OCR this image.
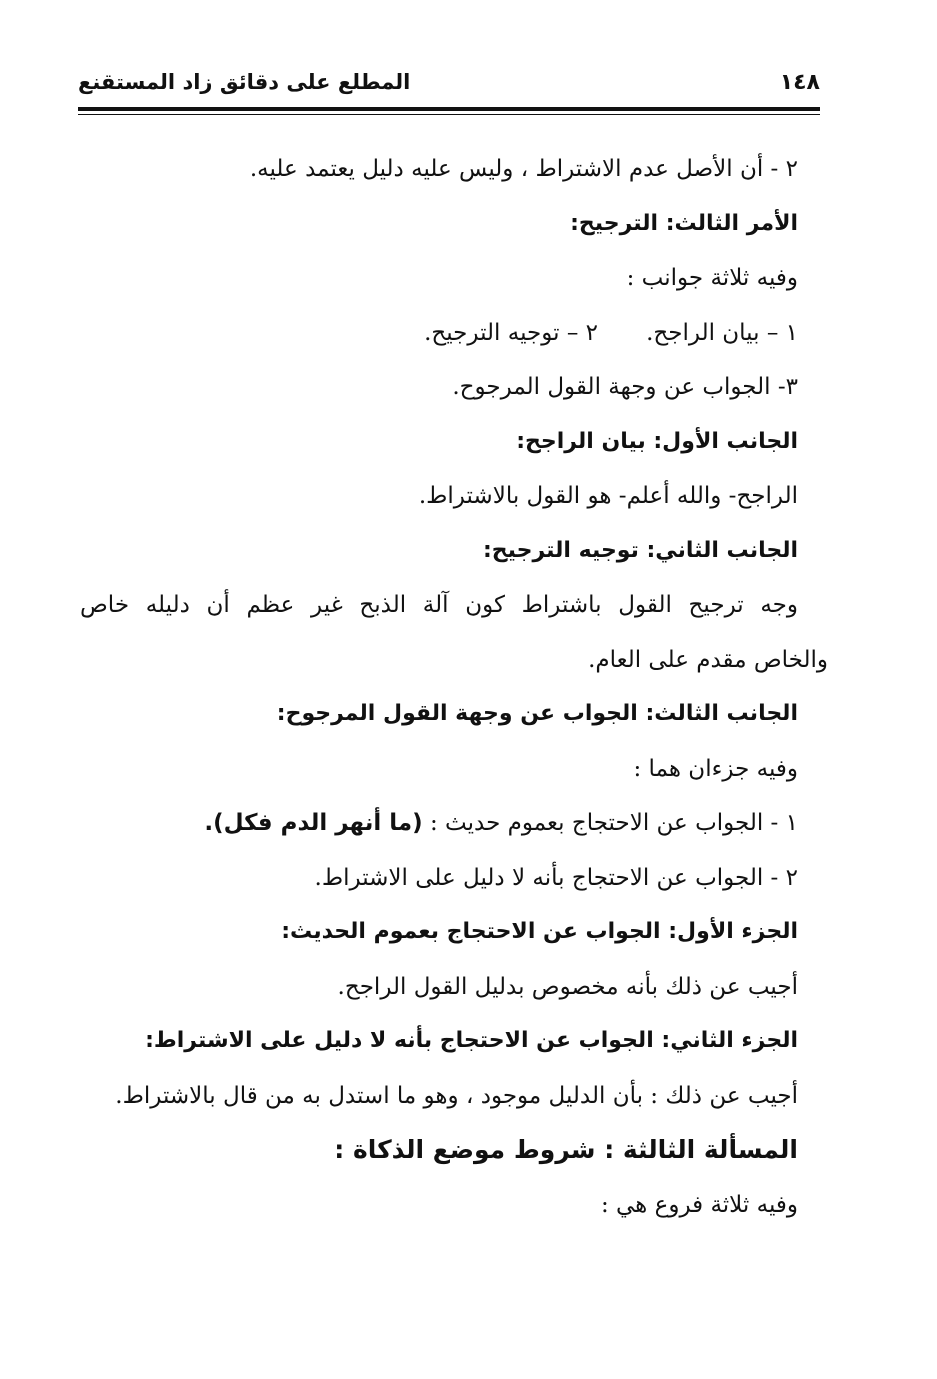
١٤٨
المطلع على دقائق زاد المستقنع
٢ - أن الأصل عدم الاشتراط ، وليس عليه دليل يعتمد عليه.
الأمر الثالث: الترجيح:
وفيه ثلاثة جوانب :
١ – بيان الراجح.
٢ – توجيه الترجيح.
٣- الجواب عن وجهة القول المرجوح.
الجانب الأول: بيان الراجح:
الراجح- والله أعلم- هو القول بالاشتراط.
الجانب الثاني: توجيه الترجيح:
وجه ترجيح القول باشتراط كون آلة الذبح غير عظم أن دليله خاص
والخاص مقدم على العام.
الجانب الثالث: الجواب عن وجهة القول المرجوح:
وفيه جزءان هما :
١ - الجواب عن الاحتجاج بعموم حديث : (ما أنهر الدم فكل).
٢ - الجواب عن الاحتجاج بأنه لا دليل على الاشتراط.
الجزء الأول: الجواب عن الاحتجاج بعموم الحديث:
أجيب عن ذلك بأنه مخصوص بدليل القول الراجح.
الجزء الثاني: الجواب عن الاحتجاج بأنه لا دليل على الاشتراط:
أجيب عن ذلك : بأن الدليل موجود ، وهو ما استدل به من قال بالاشتراط.
المسألة الثالثة : شروط موضع الذكاة :
وفيه ثلاثة فروع هي :
